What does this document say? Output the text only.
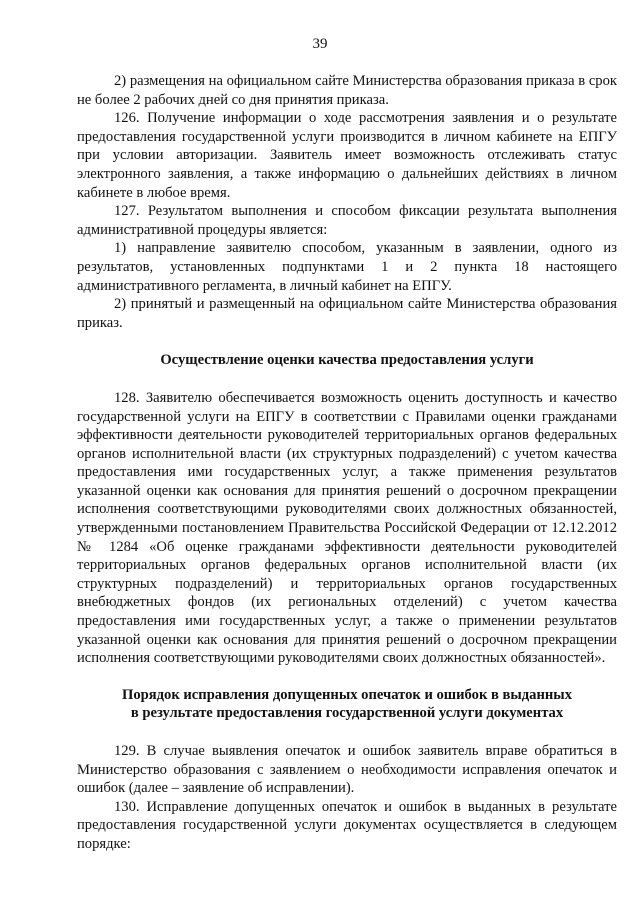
39

2) размещения на официальном сайте Министерства образования приказа в срок не более 2 рабочих дней со дня принятия приказа.

126. Получение информации о ходе рассмотрения заявления и о результате предоставления государственной услуги производится в личном кабинете на ЕПГУ при условии авторизации. Заявитель имеет возможность отслеживать статус электронного заявления, а также информацию о дальнейших действиях в личном кабинете в любое время.

127. Результатом выполнения и способом фиксации результата выполнения административной процедуры является:

1) направление заявителю способом, указанным в заявлении, одного из результатов, установленных подпунктами 1 и 2 пункта 18 настоящего административного регламента, в личный кабинет на ЕПГУ.

2) принятый и размещенный на официальном сайте Министерства образования приказ.

Осуществление оценки качества предоставления услуги

128. Заявителю обеспечивается возможность оценить доступность и качество государственной услуги на ЕПГУ в соответствии с Правилами оценки гражданами эффективности деятельности руководителей территориальных органов федеральных органов исполнительной власти (их структурных подразделений) с учетом качества предоставления ими государственных услуг, а также применения результатов указанной оценки как основания для принятия решений о досрочном прекращении исполнения соответствующими руководителями своих должностных обязанностей, утвержденными постановлением Правительства Российской Федерации от 12.12.2012 № 1284 «Об оценке гражданами эффективности деятельности руководителей территориальных органов федеральных органов исполнительной власти (их структурных подразделений) и территориальных органов государственных внебюджетных фондов (их региональных отделений) с учетом качества предоставления ими государственных услуг, а также о применении результатов указанной оценки как основания для принятия решений о досрочном прекращении исполнения соответствующими руководителями своих должностных обязанностей».

Порядок исправления допущенных опечаток и ошибок в выданных
в результате предоставления государственной услуги документах

129. В случае выявления опечаток и ошибок заявитель вправе обратиться в Министерство образования с заявлением о необходимости исправления опечаток и ошибок (далее – заявление об исправлении).

130. Исправление допущенных опечаток и ошибок в выданных в результате предоставления государственной услуги документах осуществляется в следующем порядке:
